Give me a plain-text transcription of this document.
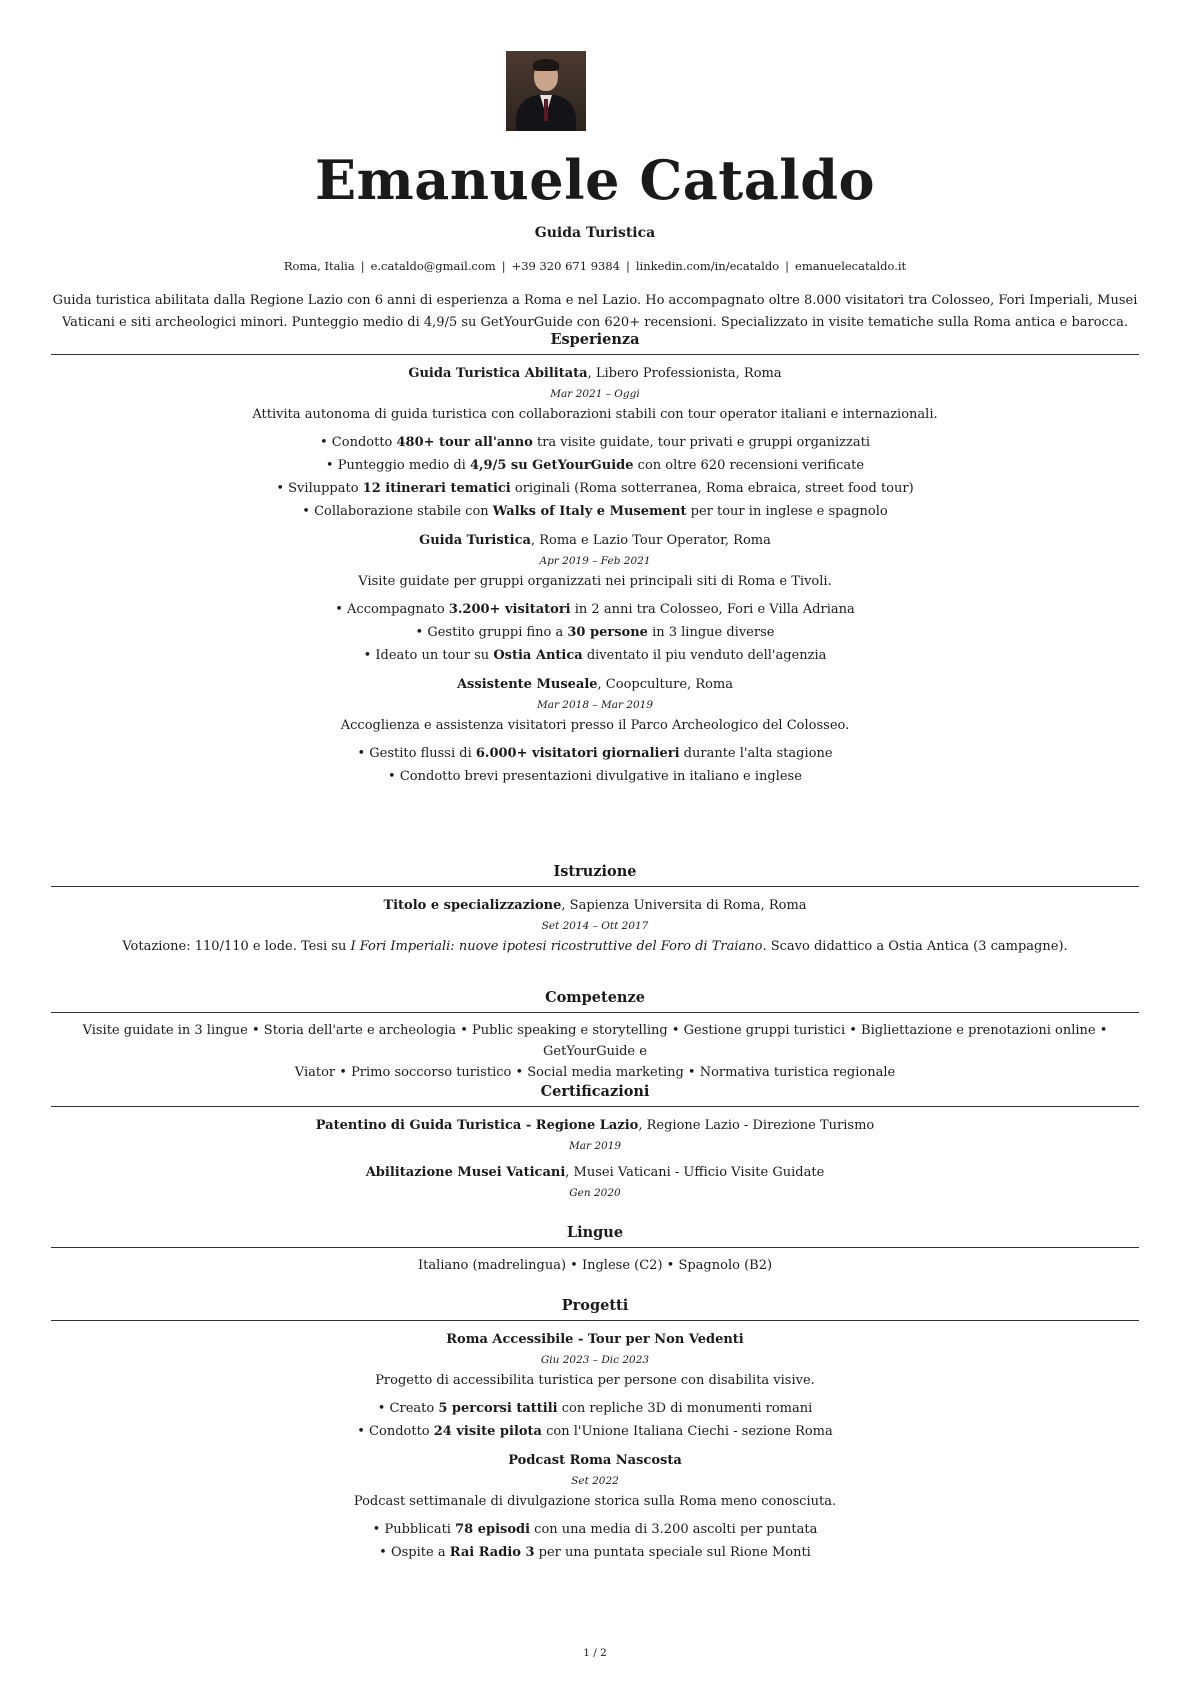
Emanuele Cataldo
Guida Turistica
Roma, Italia | e.cataldo@gmail.com | +39 320 671 9384 | linkedin.com/in/ecataldo | emanuelecataldo.it
Guida turistica abilitata dalla Regione Lazio con 6 anni di esperienza a Roma e nel Lazio. Ho accompagnato oltre 8.000 visitatori tra Colosseo, Fori Imperiali, Musei Vaticani e siti archeologici minori. Punteggio medio di 4,9/5 su GetYourGuide con 620+ recensioni. Specializzato in visite tematiche sulla Roma antica e barocca.
Esperienza
Guida Turistica Abilitata, Libero Professionista, Roma
Mar 2021 – Oggi
Attivita autonoma di guida turistica con collaborazioni stabili con tour operator italiani e internazionali.
• Condotto 480+ tour all'anno tra visite guidate, tour privati e gruppi organizzati
• Punteggio medio di 4,9/5 su GetYourGuide con oltre 620 recensioni verificate
• Sviluppato 12 itinerari tematici originali (Roma sotterranea, Roma ebraica, street food tour)
• Collaborazione stabile con Walks of Italy e Musement per tour in inglese e spagnolo
Guida Turistica, Roma e Lazio Tour Operator, Roma
Apr 2019 – Feb 2021
Visite guidate per gruppi organizzati nei principali siti di Roma e Tivoli.
• Accompagnato 3.200+ visitatori in 2 anni tra Colosseo, Fori e Villa Adriana
• Gestito gruppi fino a 30 persone in 3 lingue diverse
• Ideato un tour su Ostia Antica diventato il piu venduto dell'agenzia
Assistente Museale, Coopculture, Roma
Mar 2018 – Mar 2019
Accoglienza e assistenza visitatori presso il Parco Archeologico del Colosseo.
• Gestito flussi di 6.000+ visitatori giornalieri durante l'alta stagione
• Condotto brevi presentazioni divulgative in italiano e inglese
Istruzione
Titolo e specializzazione, Sapienza Universita di Roma, Roma
Set 2014 – Ott 2017
Votazione: 110/110 e lode. Tesi su I Fori Imperiali: nuove ipotesi ricostruttive del Foro di Traiano. Scavo didattico a Ostia Antica (3 campagne).
Competenze
Visite guidate in 3 lingue • Storia dell'arte e archeologia • Public speaking e storytelling • Gestione gruppi turistici • Bigliettazione e prenotazioni online • GetYourGuide e
Viator • Primo soccorso turistico • Social media marketing • Normativa turistica regionale
Certificazioni
Patentino di Guida Turistica - Regione Lazio, Regione Lazio - Direzione Turismo
Mar 2019
Abilitazione Musei Vaticani, Musei Vaticani - Ufficio Visite Guidate
Gen 2020
Lingue
Italiano (madrelingua) • Inglese (C2) • Spagnolo (B2)
Progetti
Roma Accessibile - Tour per Non Vedenti
Giu 2023 – Dic 2023
Progetto di accessibilita turistica per persone con disabilita visive.
• Creato 5 percorsi tattili con repliche 3D di monumenti romani
• Condotto 24 visite pilota con l'Unione Italiana Ciechi - sezione Roma
Podcast Roma Nascosta
Set 2022
Podcast settimanale di divulgazione storica sulla Roma meno conosciuta.
• Pubblicati 78 episodi con una media di 3.200 ascolti per puntata
• Ospite a Rai Radio 3 per una puntata speciale sul Rione Monti
1 / 2
